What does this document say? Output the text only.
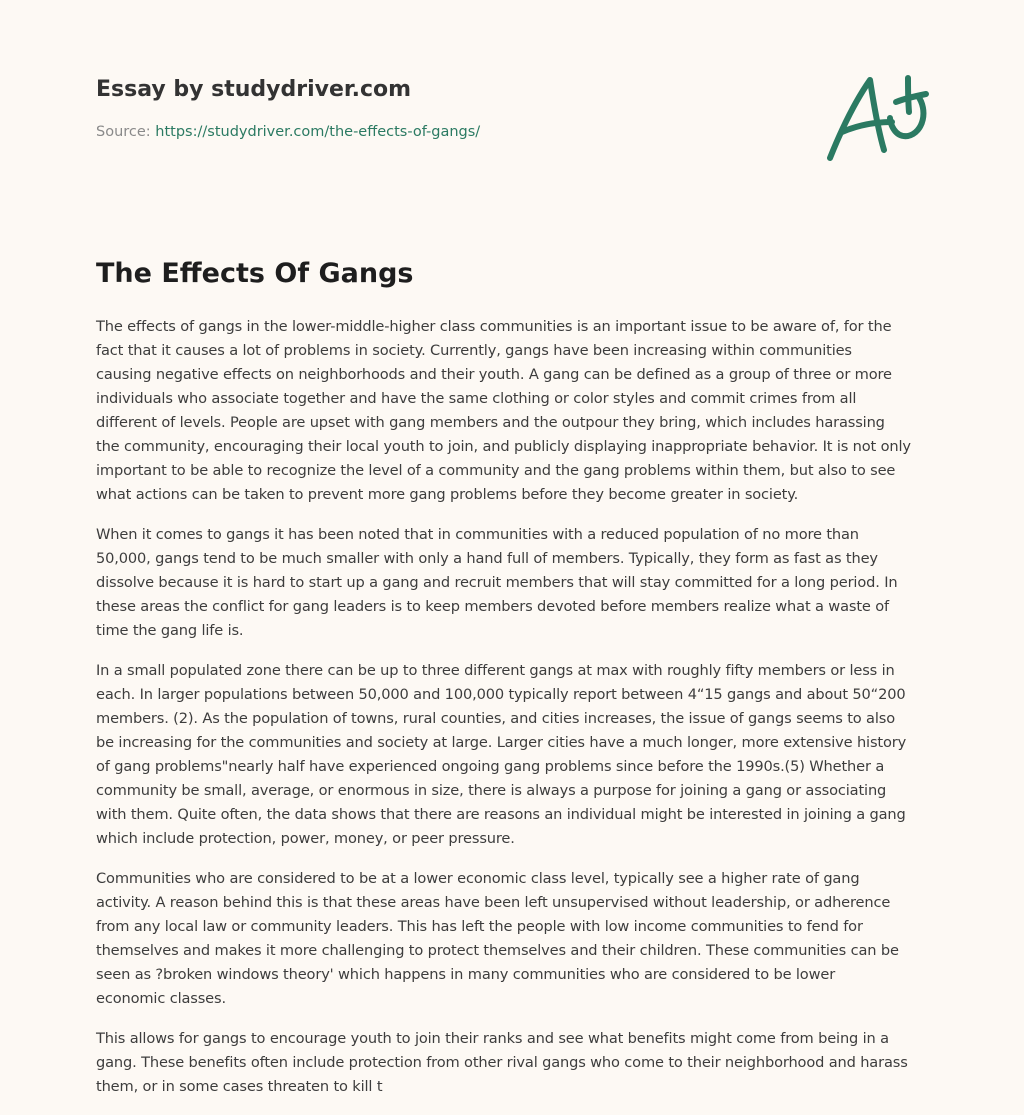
Essay by studydriver.com
Source: https://studydriver.com/the-effects-of-gangs/
The Effects Of Gangs

The effects of gangs in the lower-middle-higher class communities is an important issue to be aware of, for the
fact that it causes a lot of problems in society. Currently, gangs have been increasing within communities
causing negative effects on neighborhoods and their youth. A gang can be defined as a group of three or more
individuals who associate together and have the same clothing or color styles and commit crimes from all
different of levels. People are upset with gang members and the outpour they bring, which includes harassing
the community, encouraging their local youth to join, and publicly displaying inappropriate behavior. It is not only
important to be able to recognize the level of a community and the gang problems within them, but also to see
what actions can be taken to prevent more gang problems before they become greater in society.

When it comes to gangs it has been noted that in communities with a reduced population of no more than
50,000, gangs tend to be much smaller with only a hand full of members. Typically, they form as fast as they
dissolve because it is hard to start up a gang and recruit members that will stay committed for a long period. In
these areas the conflict for gang leaders is to keep members devoted before members realize what a waste of
time the gang life is.

In a small populated zone there can be up to three different gangs at max with roughly fifty members or less in
each. In larger populations between 50,000 and 100,000 typically report between 4“15 gangs and about 50“200
members. (2). As the population of towns, rural counties, and cities increases, the issue of gangs seems to also
be increasing for the communities and society at large. Larger cities have a much longer, more extensive history
of gang problems"nearly half have experienced ongoing gang problems since before the 1990s.(5) Whether a
community be small, average, or enormous in size, there is always a purpose for joining a gang or associating
with them. Quite often, the data shows that there are reasons an individual might be interested in joining a gang
which include protection, power, money, or peer pressure.

Communities who are considered to be at a lower economic class level, typically see a higher rate of gang
activity. A reason behind this is that these areas have been left unsupervised without leadership, or adherence
from any local law or community leaders. This has left the people with low income communities to fend for
themselves and makes it more challenging to protect themselves and their children. These communities can be
seen as ?broken windows theory' which happens in many communities who are considered to be lower
economic classes.

This allows for gangs to encourage youth to join their ranks and see what benefits might come from being in a
gang. These benefits often include protection from other rival gangs who come to their neighborhood and harass
them, or in some cases threaten to kill t
